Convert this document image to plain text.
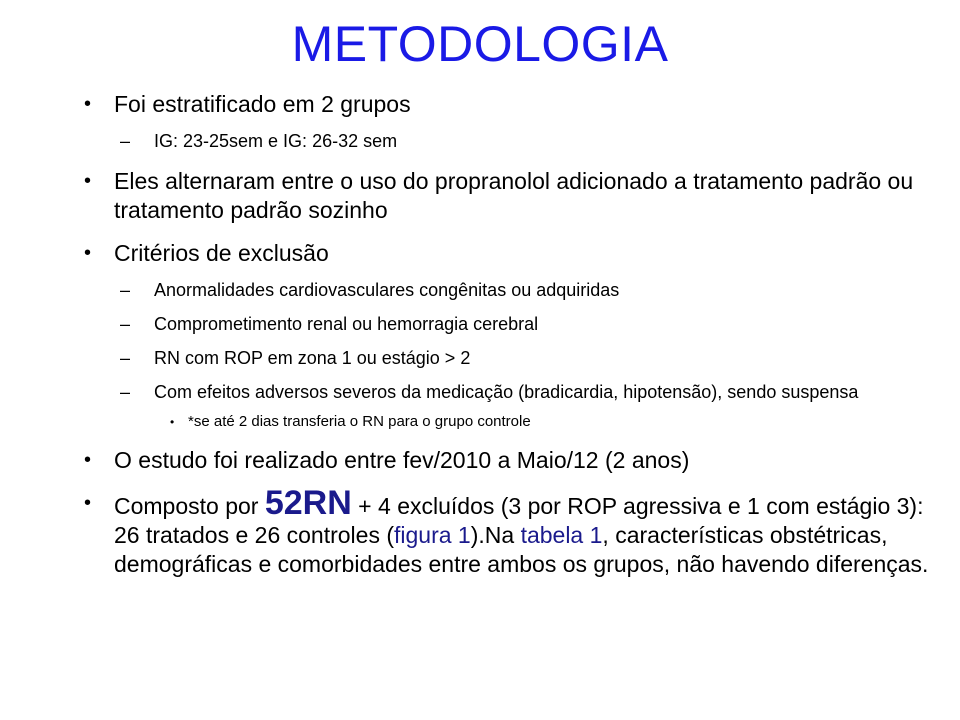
METODOLOGIA
• Foi estratificado em 2 grupos
– IG: 23-25sem e IG: 26-32 sem
• Eles alternaram entre o uso do propranolol adicionado a tratamento padrão ou tratamento padrão sozinho
• Critérios de exclusão
– Anormalidades cardiovasculares congênitas ou adquiridas
– Comprometimento renal ou hemorragia cerebral
– RN com ROP em zona 1 ou estágio > 2
– Com efeitos adversos severos da medicação (bradicardia, hipotensão), sendo suspensa
• *se até 2 dias transferia o RN para o grupo controle
• O estudo foi realizado entre fev/2010 a Maio/12 (2 anos)
• Composto por 52RN + 4 excluídos (3 por ROP agressiva e 1 com estágio 3): 26 tratados e 26 controles (figura 1).Na tabela 1, características obstétricas, demográficas e comorbidades entre ambos os grupos, não havendo diferenças.
